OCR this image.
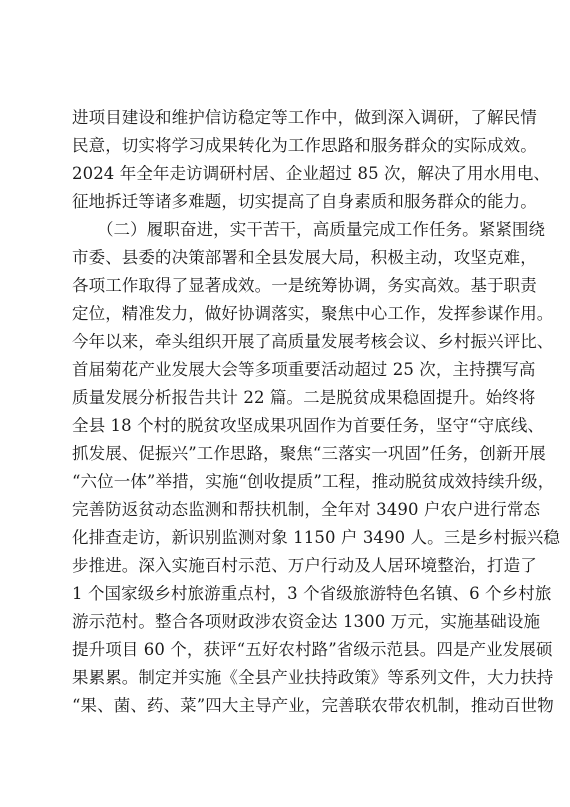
进项目建设和维护信访稳定等工作中，做到深入调研，了解民情
民意，切实将学习成果转化为工作思路和服务群众的实际成效。
2024 年全年走访调研村居、企业超过 85 次，解决了用水用电、
征地拆迁等诸多难题，切实提高了自身素质和服务群众的能力。
　　（二）履职奋进，实干苦干，高质量完成工作任务。紧紧围绕
市委、县委的决策部署和全县发展大局，积极主动，攻坚克难，
各项工作取得了显著成效。一是统筹协调，务实高效。基于职责
定位，精准发力，做好协调落实，聚焦中心工作，发挥参谋作用。
今年以来，牵头组织开展了高质量发展考核会议、乡村振兴评比、
首届菊花产业发展大会等多项重要活动超过 25 次，主持撰写高
质量发展分析报告共计 22 篇。二是脱贫成果稳固提升。始终将
全县 18 个村的脱贫攻坚成果巩固作为首要任务，坚守“守底线、
抓发展、促振兴”工作思路，聚焦“三落实一巩固”任务，创新开展
“六位一体”举措，实施“创收提质”工程，推动脱贫成效持续升级，
完善防返贫动态监测和帮扶机制，全年对 3490 户农户进行常态
化排查走访，新识别监测对象 1150 户 3490 人。三是乡村振兴稳
步推进。深入实施百村示范、万户行动及人居环境整治，打造了
1 个国家级乡村旅游重点村，3 个省级旅游特色名镇、6 个乡村旅
游示范村。整合各项财政涉农资金达 1300 万元，实施基础设施
提升项目 60 个，获评“五好农村路”省级示范县。四是产业发展硕
果累累。制定并实施《全县产业扶持政策》等系列文件，大力扶持
“果、菌、药、菜”四大主导产业，完善联农带农机制，推动百世物
